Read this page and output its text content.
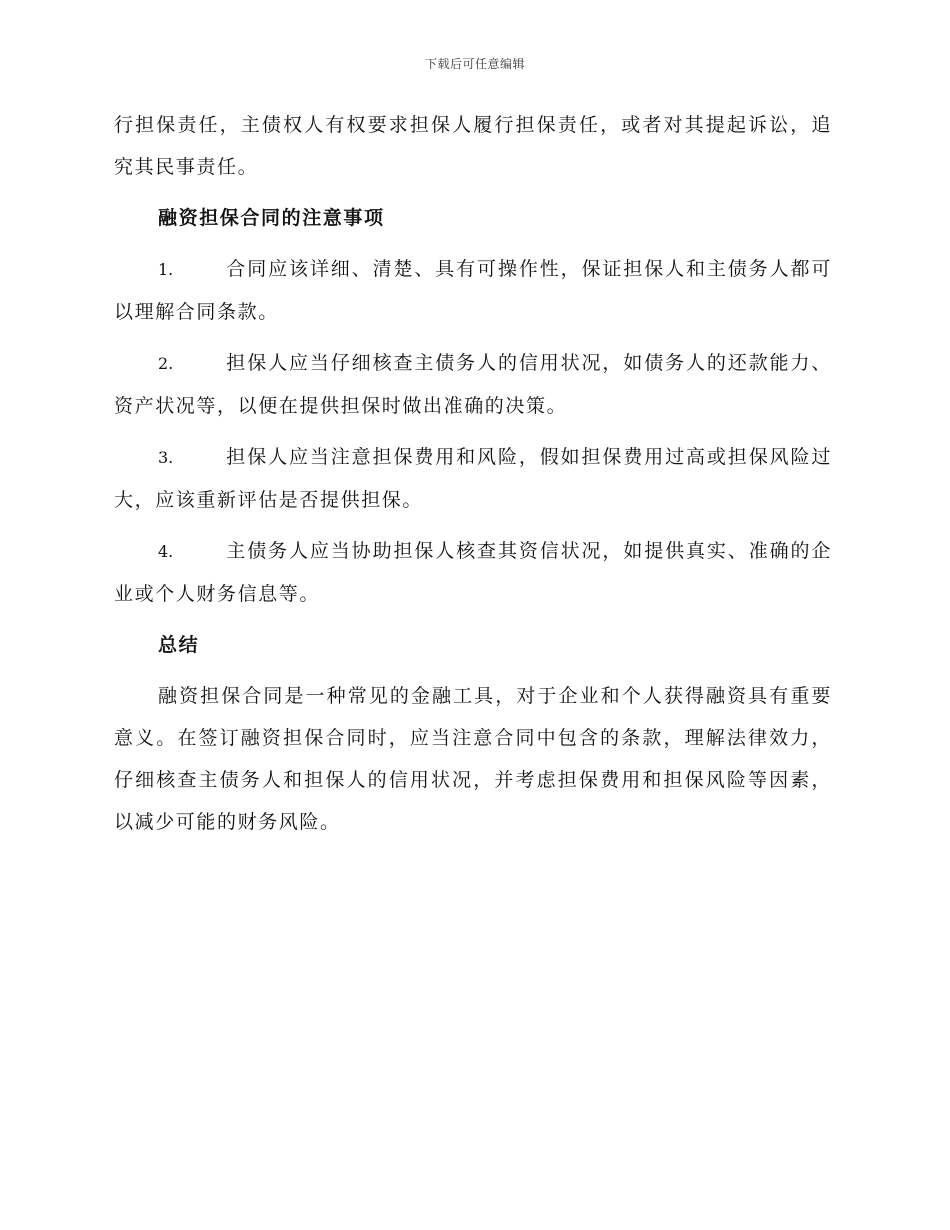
下载后可任意编辑

行担保责任，主债权人有权要求担保人履行担保责任，或者对其提起诉讼，追究其民事责任。

融资担保合同的注意事项

1.	合同应该详细、清楚、具有可操作性，保证担保人和主债务人都可以理解合同条款。

2.	担保人应当仔细核查主债务人的信用状况，如债务人的还款能力、资产状况等，以便在提供担保时做出准确的决策。

3.	担保人应当注意担保费用和风险，假如担保费用过高或担保风险过大，应该重新评估是否提供担保。

4.	主债务人应当协助担保人核查其资信状况，如提供真实、准确的企业或个人财务信息等。

总结

融资担保合同是一种常见的金融工具，对于企业和个人获得融资具有重要意义。在签订融资担保合同时，应当注意合同中包含的条款，理解法律效力，仔细核查主债务人和担保人的信用状况，并考虑担保费用和担保风险等因素，以减少可能的财务风险。
